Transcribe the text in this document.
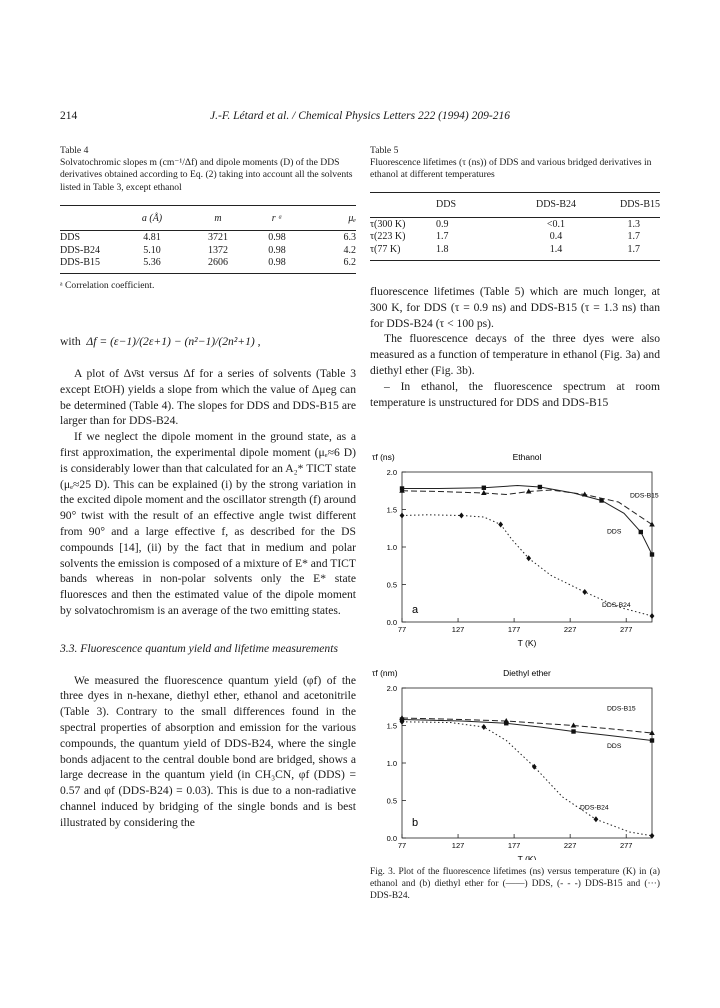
214	J.-F. Létard et al. / Chemical Physics Letters 222 (1994) 209-216
Table 4
Solvatochromic slopes m (cm⁻¹/Δf) and dipole moments (D) of the DDS derivatives obtained according to Eq. (2) taking into account all the solvents listed in Table 3, except ethanol
	a (Å)	m	r ᵃ	μₑ

DDS	4.81	3721	0.98	6.3
DDS-B24	5.10	1372	0.98	4.2
DDS-B15	5.36	2606	0.98	6.2
ᵃ Correlation coefficient.
Table 5
Fluorescence lifetimes (τ (ns)) of DDS and various bridged derivatives in ethanol at different temperatures
	DDS	DDS-B24	DDS-B15

τ(300 K)	0.9	<0.1	1.3
τ(223 K)	1.7	0.4	1.7
τ(77 K)	1.8	1.4	1.7
with Δf = (ε−1)/(2ε+1) − (n²−1)/(2n²+1) ,

A plot of Δν̄st versus Δf for a series of solvents (Table 3 except EtOH) yields a slope from which the value of Δμeg can be determined (Table 4). The slopes for DDS and DDS-B15 are larger than for DDS-B24.

If we neglect the dipole moment in the ground state, as a first approximation, the experimental dipole moment (μₑ≈6 D) is considerably lower than that calculated for an A₂* TICT state (μₑ≈25 D). This can be explained (i) by the strong variation in the excited dipole moment and the oscillator strength (f) around 90° twist with the result of an effective angle twist different from 90° and a large effective f, as described for the DS compounds [14], (ii) by the fact that in medium and polar solvents the emission is composed of a mixture of E* and TICT bands whereas in non-polar solvents only the E* state fluoresces and then the estimated value of the dipole moment by solvatochromism is an average of the two emitting states.

3.3. Fluorescence quantum yield and lifetime measurements

We measured the fluorescence quantum yield (φf) of the three dyes in n-hexane, diethyl ether, ethanol and acetonitrile (Table 3). Contrary to the small differences found in the spectral properties of absorption and emission for the various compounds, the quantum yield of DDS-B24, where the single bonds adjacent to the central double bond are bridged, shows a large decrease in the quantum yield (in CH₃CN, φf (DDS) = 0.57 and φf (DDS-B24) = 0.03). This is due to a non-radiative channel induced by bridging of the single bonds and is best illustrated by considering the

fluorescence lifetimes (Table 5) which are much longer, at 300 K, for DDS (τ = 0.9 ns) and DDS-B15 (τ = 1.3 ns) than for DDS-B24 (τ < 100 ps).

The fluorescence decays of the three dyes were also measured as a function of temperature in ethanol (Fig. 3a) and diethyl ether (Fig. 3b).

– In ethanol, the fluorescence spectrum at room temperature is unstructured for DDS and DDS-B15

τf (ns)	Ethanol
T (K)
0.0
0.5
1.0
1.5
2.0
77	127	177	227	277
DDS-B15
DDS
DDS-B24
a
τf (nm)	Diethyl ether
T (K)
0.0
0.5
1.0
1.5
2.0
77	127	177	227	277
DDS-B15
DDS
DDS-B24
b
Fig. 3. Plot of the fluorescence lifetimes (ns) versus temperature (K) in (a) ethanol and (b) diethyl ether for (——) DDS, (- - -) DDS-B15 and (···) DDS-B24.
